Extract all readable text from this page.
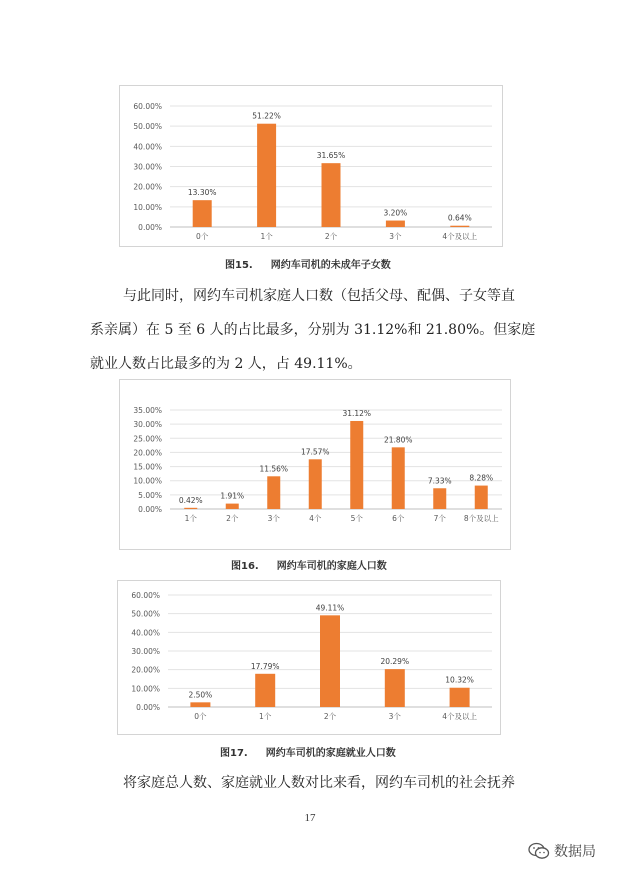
0.00%
10.00%
20.00%
30.00%
40.00%
50.00%
60.00%
13.30%
0个
51.22%
1个
31.65%
2个
3.20%
3个
0.64%
4个及以上
图15. 网约车司机的未成年子女数
与此同时，网约车司机家庭人口数（包括父母、配偶、子女等直
系亲属）在 5 至 6 人的占比最多，分别为 31.12%和 21.80%。但家庭
就业人数占比最多的为 2 人，占 49.11%。
0.00%
5.00%
10.00%
15.00%
20.00%
25.00%
30.00%
35.00%
0.42%
1个
1.91%
2个
11.56%
3个
17.57%
4个
31.12%
5个
21.80%
6个
7.33%
7个
8.28%
8个及以上
图16. 网约车司机的家庭人口数
0.00%
10.00%
20.00%
30.00%
40.00%
50.00%
60.00%
2.50%
0个
17.79%
1个
49.11%
2个
20.29%
3个
10.32%
4个及以上
图17. 网约车司机的家庭就业人口数
将家庭总人数、家庭就业人数对比来看，网约车司机的社会抚养
17
数据局
